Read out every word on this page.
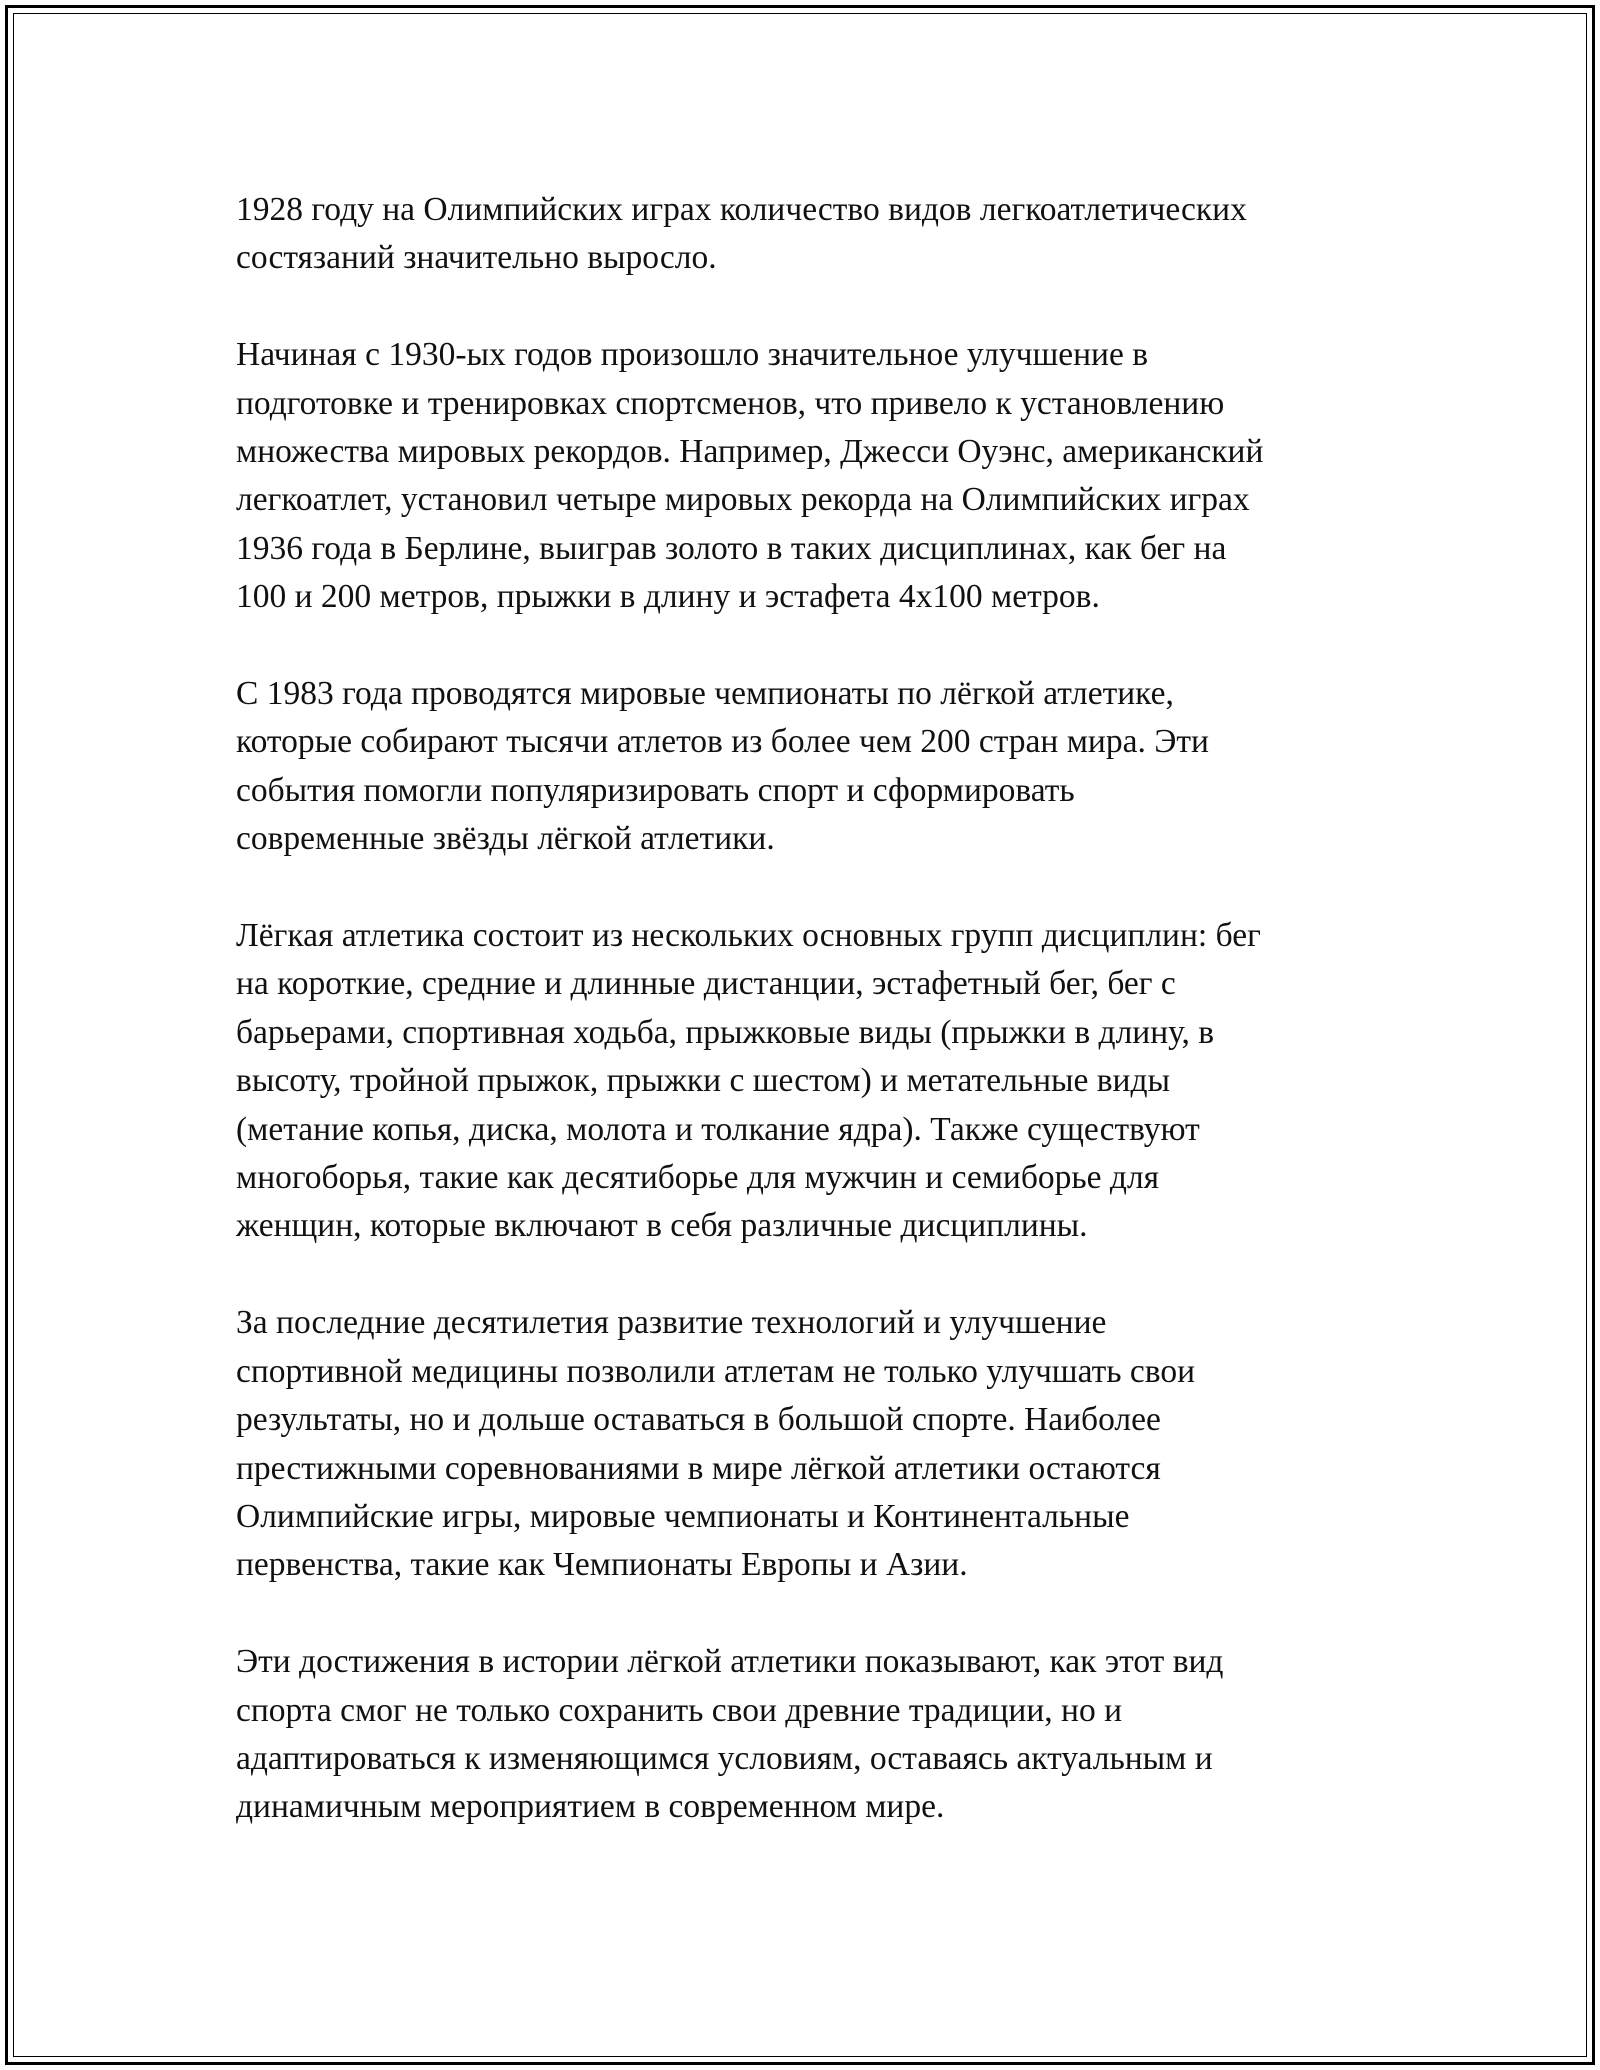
1928 году на Олимпийских играх количество видов легкоатлетических
состязаний значительно выросло.

Начиная с 1930-ых годов произошло значительное улучшение в
подготовке и тренировках спортсменов, что привело к установлению
множества мировых рекордов. Например, Джесси Оуэнс, американский
легкоатлет, установил четыре мировых рекорда на Олимпийских играх
1936 года в Берлине, выиграв золото в таких дисциплинах, как бег на
100 и 200 метров, прыжки в длину и эстафета 4x100 метров.

С 1983 года проводятся мировые чемпионаты по лёгкой атлетике,
которые собирают тысячи атлетов из более чем 200 стран мира. Эти
события помогли популяризировать спорт и сформировать
современные звёзды лёгкой атлетики.

Лёгкая атлетика состоит из нескольких основных групп дисциплин: бег
на короткие, средние и длинные дистанции, эстафетный бег, бег с
барьерами, спортивная ходьба, прыжковые виды (прыжки в длину, в
высоту, тройной прыжок, прыжки с шестом) и метательные виды
(метание копья, диска, молота и толкание ядра). Также существуют
многоборья, такие как десятиборье для мужчин и семиборье для
женщин, которые включают в себя различные дисциплины.

За последние десятилетия развитие технологий и улучшение
спортивной медицины позволили атлетам не только улучшать свои
результаты, но и дольше оставаться в большой спорте. Наиболее
престижными соревнованиями в мире лёгкой атлетики остаются
Олимпийские игры, мировые чемпионаты и Континентальные
первенства, такие как Чемпионаты Европы и Азии.

Эти достижения в истории лёгкой атлетики показывают, как этот вид
спорта смог не только сохранить свои древние традиции, но и
адаптироваться к изменяющимся условиям, оставаясь актуальным и
динамичным мероприятием в современном мире.
